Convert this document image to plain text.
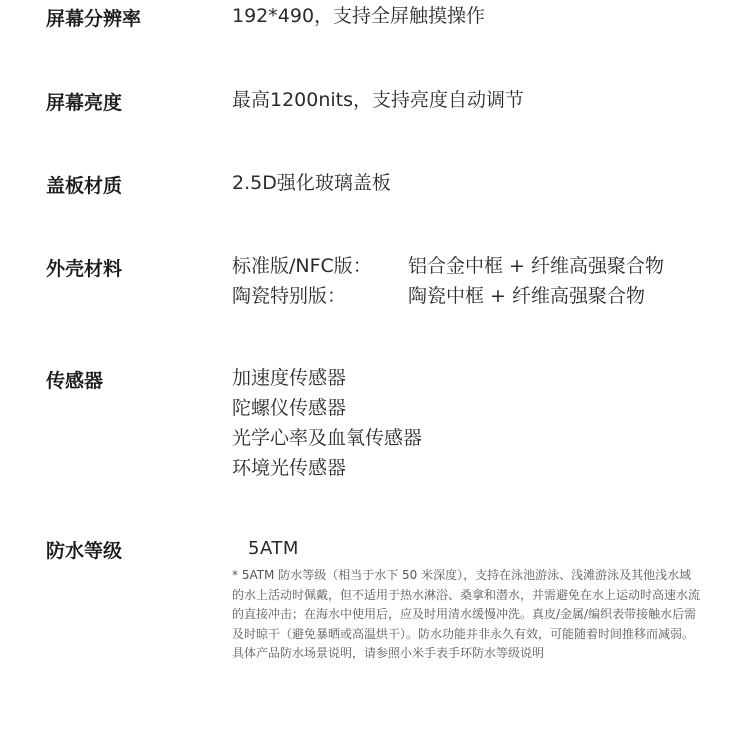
屏幕分辨率	192*490，支持全屏触摸操作
屏幕亮度	最高1200nits，支持亮度自动调节
盖板材质	2.5D强化玻璃盖板
外壳材料	标准版/NFC版： 铝合金中框 + 纤维高强聚合物
陶瓷特别版：	陶瓷中框 + 纤维高强聚合物
传感器	加速度传感器
陀螺仪传感器
光学心率及血氧传感器
环境光传感器
防水等级	5ATM
* 5ATM 防水等级（相当于水下 50 米深度），支持在泳池游泳、浅滩游泳及其他浅水域的水上活动时佩戴，但不适用于热水淋浴、桑拿和潜水，并需避免在水上运动时高速水流的直接冲击；在海水中使用后，应及时用清水缓慢冲洗。真皮/金属/编织表带接触水后需及时晾干（避免暴晒或高温烘干）。防水功能并非永久有效，可能随着时间推移而减弱。具体产品防水场景说明，请参照小米手表手环防水等级说明
